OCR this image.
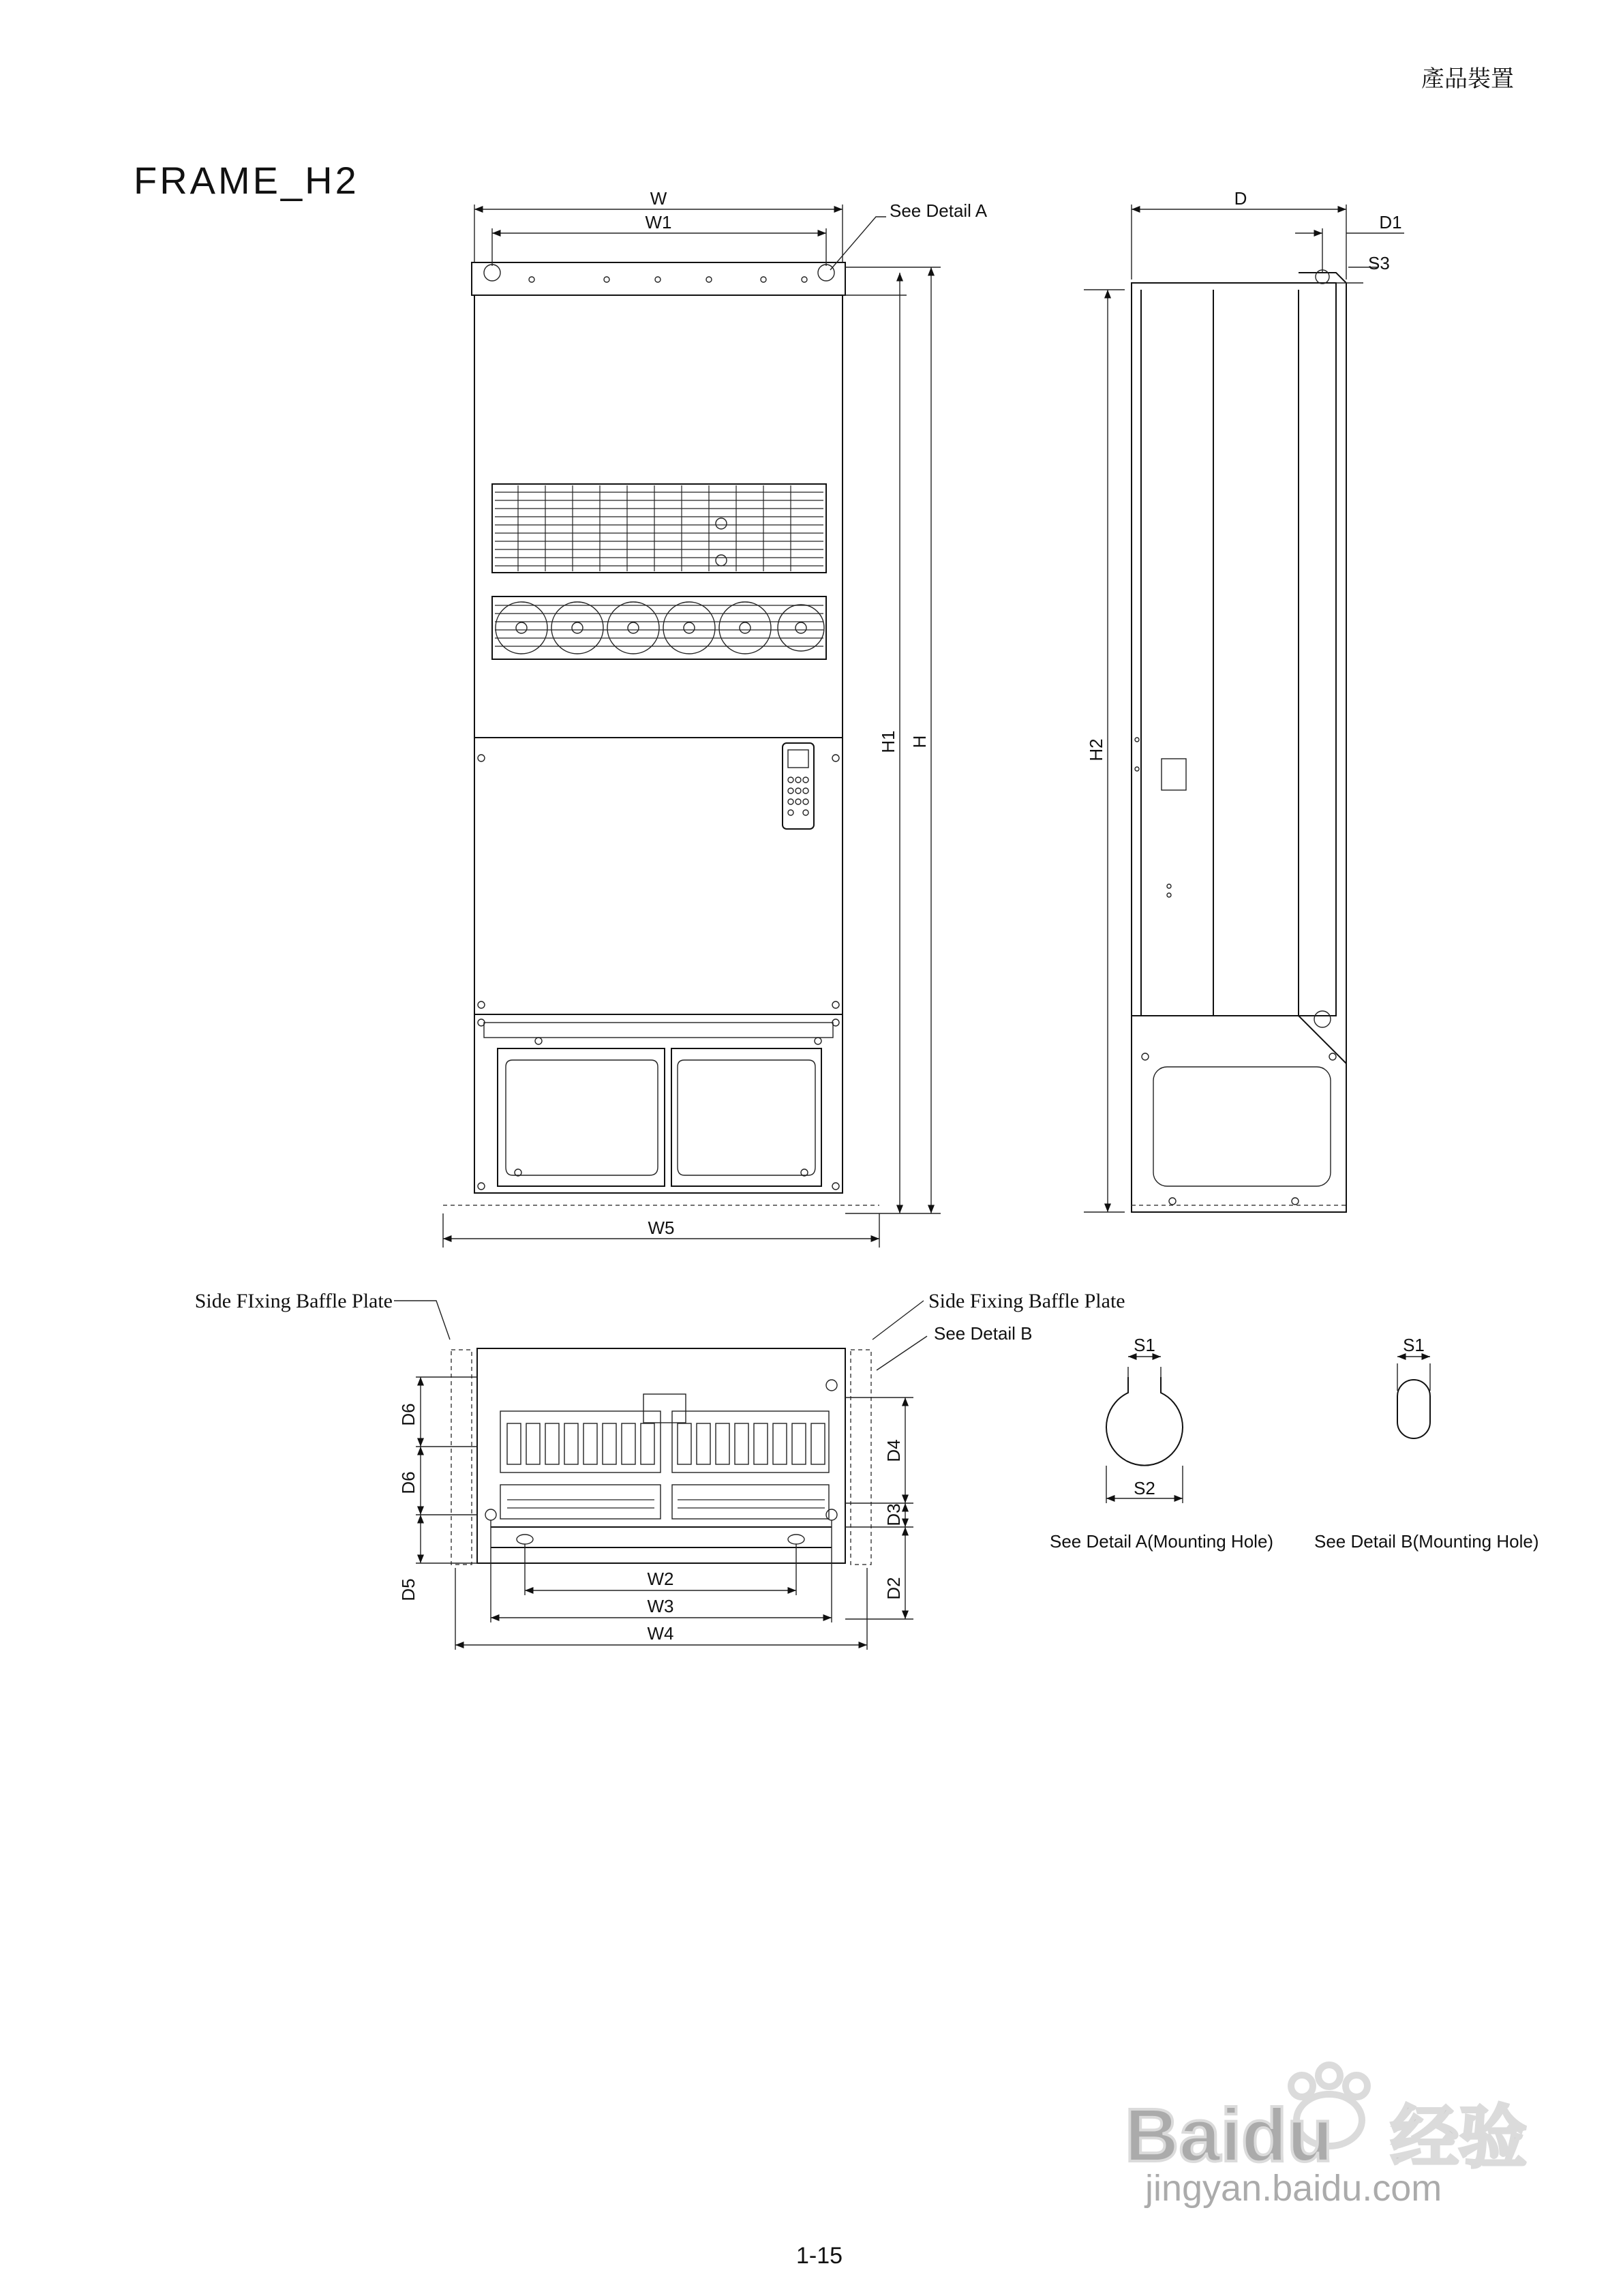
產品裝置
FRAME_H2	W
W1
See Detail A
H1 H
W5
D
D1
S3
H2
Side FIxing Baffle Plate	Side Fixing Baffle Plate
See Detail B
D6
D6
D5
D4
D3
D2
W2
W3
W4
S1
S2
See Detail A(Mounting Hole)
S1
See Detail B(Mounting Hole)
Baidu 经验
jingyan.baidu.com
1-15
